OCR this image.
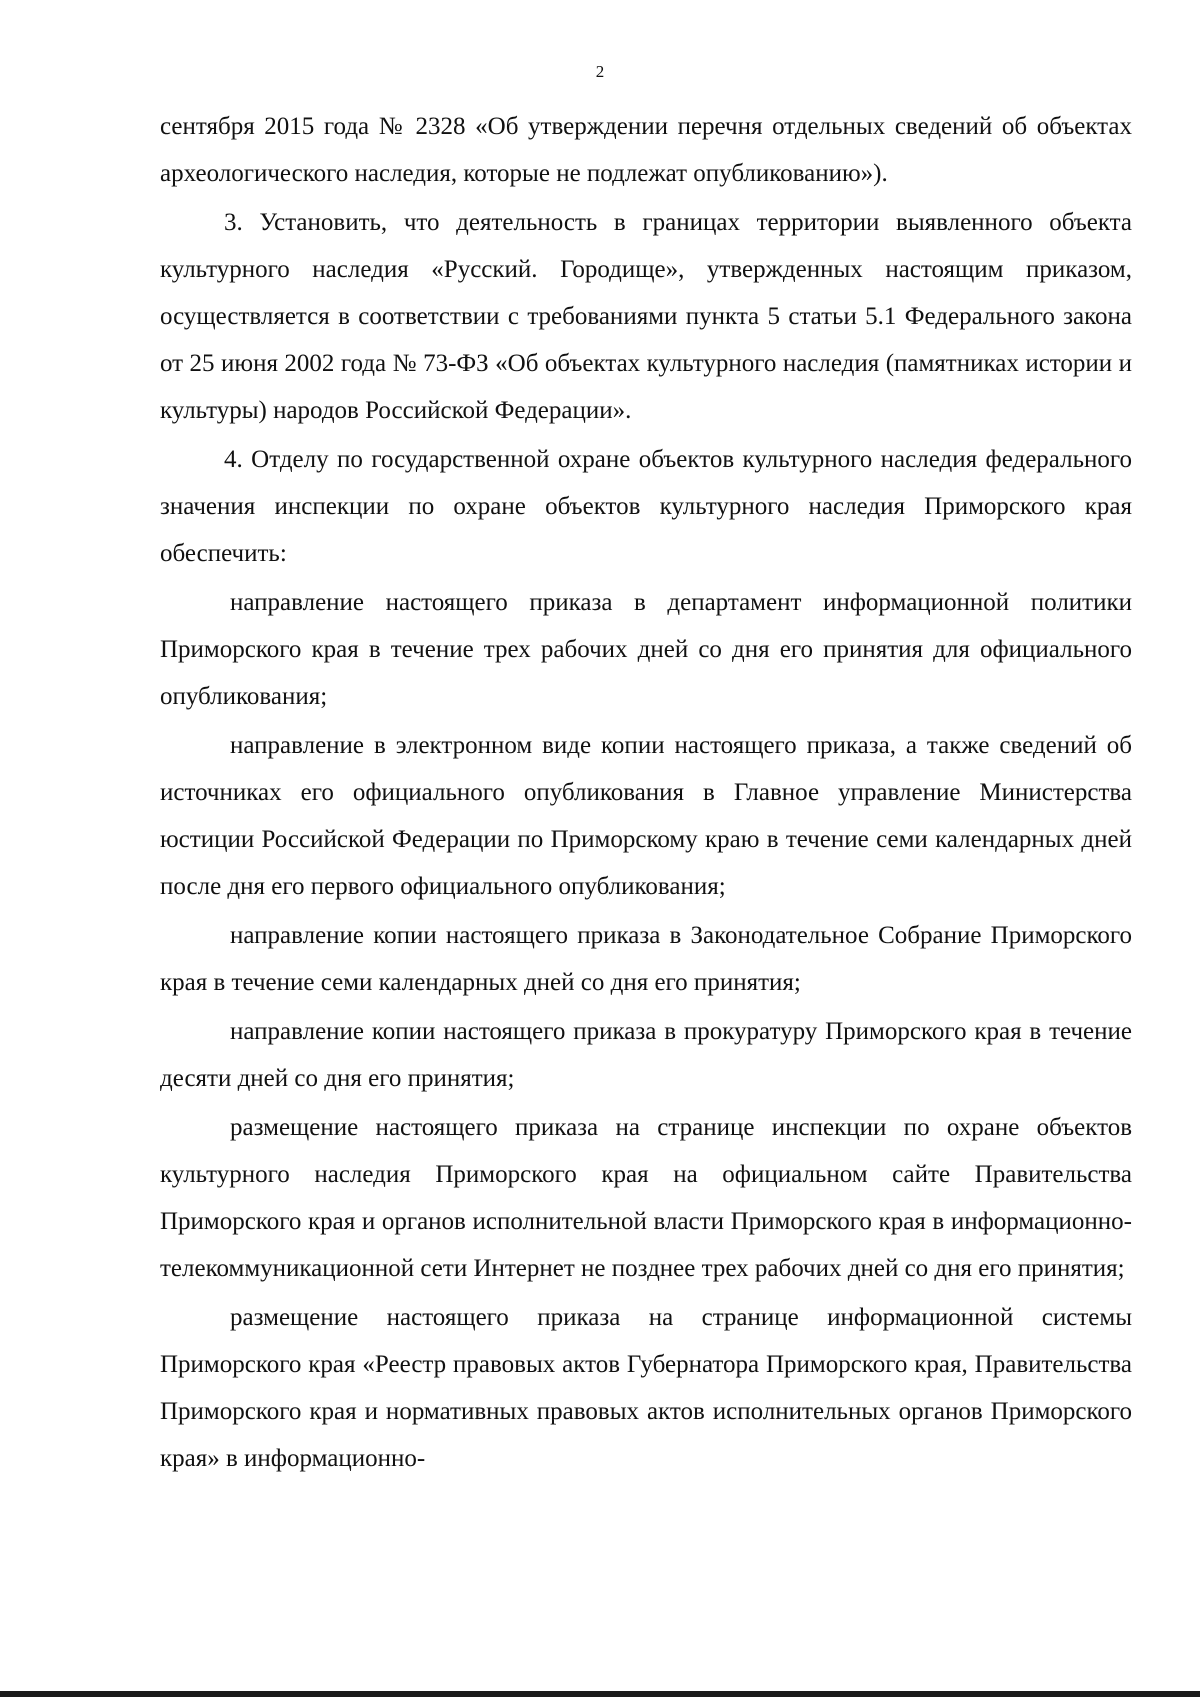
2

сентября 2015 года № 2328 «Об утверждении перечня отдельных сведений об объектах археологического наследия, которые не подлежат опубликованию»).

3. Установить, что деятельность в границах территории выявленного объекта культурного наследия «Русский. Городище», утвержденных настоящим приказом, осуществляется в соответствии с требованиями пункта 5 статьи 5.1 Федерального закона от 25 июня 2002 года № 73-ФЗ «Об объектах культурного наследия (памятниках истории и культуры) народов Российской Федерации».

4. Отделу по государственной охране объектов культурного наследия федерального значения инспекции по охране объектов культурного наследия Приморского края обеспечить:

направление настоящего приказа в департамент информационной политики Приморского края в течение трех рабочих дней со дня его принятия для официального опубликования;

направление в электронном виде копии настоящего приказа, а также сведений об источниках его официального опубликования в Главное управление Министерства юстиции Российской Федерации по Приморскому краю в течение семи календарных дней после дня его первого официального опубликования;

направление копии настоящего приказа в Законодательное Собрание Приморского края в течение семи календарных дней со дня его принятия;

направление копии настоящего приказа в прокуратуру Приморского края в течение десяти дней со дня его принятия;

размещение настоящего приказа на странице инспекции по охране объектов культурного наследия Приморского края на официальном сайте Правительства Приморского края и органов исполнительной власти Приморского края в информационно-телекоммуникационной сети Интернет не позднее трех рабочих дней со дня его принятия;

размещение настоящего приказа на странице информационной системы Приморского края «Реестр правовых актов Губернатора Приморского края, Правительства Приморского края и нормативных правовых актов исполнительных органов Приморского края» в информационно-
